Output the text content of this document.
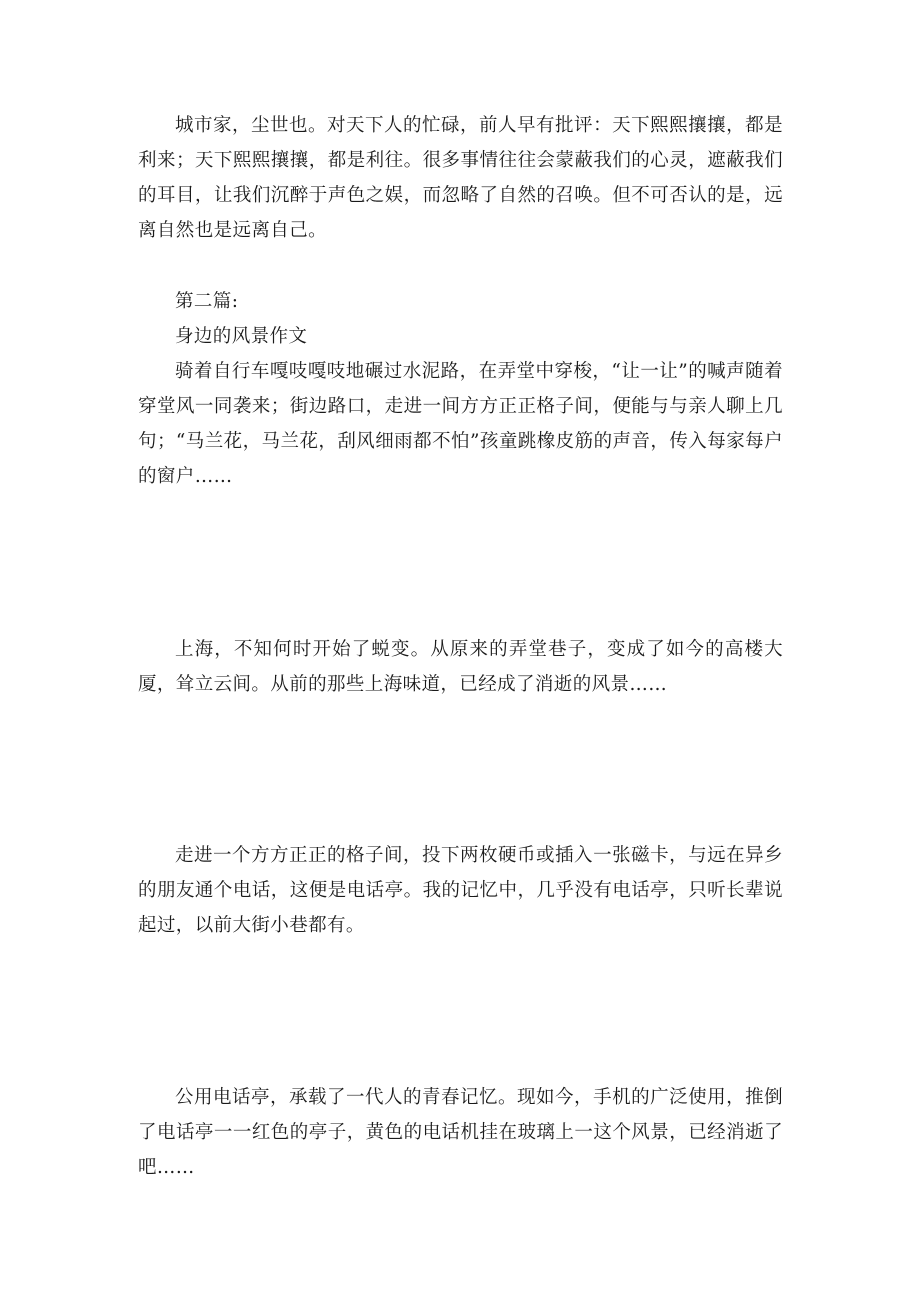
城市家，尘世也。对天下人的忙碌，前人早有批评：天下熙熙攘攘，都是利来；天下熙熙攘攘，都是利往。很多事情往往会蒙蔽我们的心灵，遮蔽我们的耳目，让我们沉醉于声色之娱，而忽略了自然的召唤。但不可否认的是，远离自然也是远离自己。

第二篇:

身边的风景作文

骑着自行车嘎吱嘎吱地碾过水泥路，在弄堂中穿梭，“让一让”的喊声随着穿堂风一同袭来；街边路口，走进一间方方正正格子间，便能与与亲人聊上几句；“马兰花，马兰花，刮风细雨都不怕”孩童跳橡皮筋的声音，传入每家每户的窗户……

上海，不知何时开始了蜕变。从原来的弄堂巷子，变成了如今的高楼大厦，耸立云间。从前的那些上海味道，已经成了消逝的风景……

走进一个方方正正的格子间，投下两枚硬币或插入一张磁卡，与远在异乡的朋友通个电话，这便是电话亭。我的记忆中，几乎没有电话亭，只听长辈说起过，以前大街小巷都有。

公用电话亭，承载了一代人的青春记忆。现如今，手机的广泛使用，推倒了电话亭一一红色的亭子，黄色的电话机挂在玻璃上一这个风景，已经消逝了吧……
